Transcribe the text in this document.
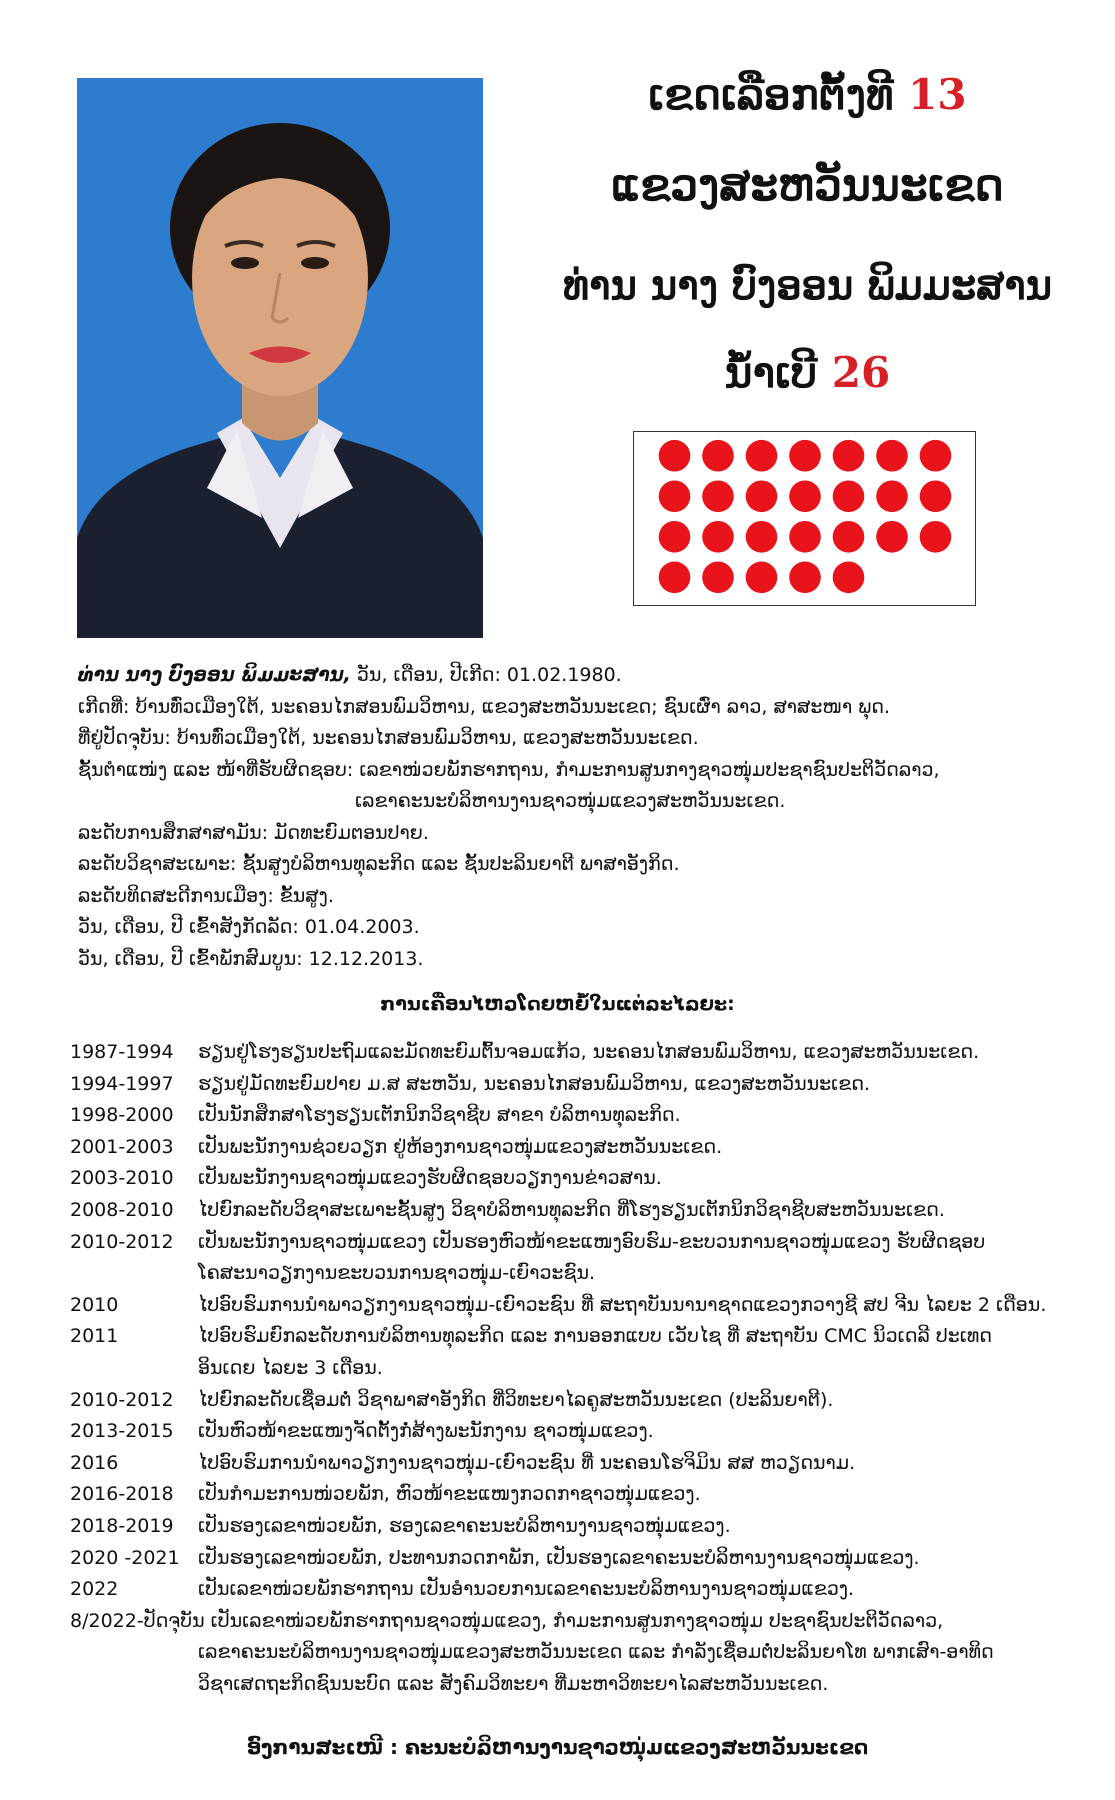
ເຂດເລືອກຕັ້ງທີ 13
ແຂວງສະຫວັນນະເຂດ
ທ່ານ ນາງ ບົງອອນ ພິມມະສານ
ນ້ຳເບີ 26
ທ່ານ ນາງ ບົງອອນ ພິມມະສານ, ວັນ, ເດືອນ, ປີເກີດ: 01.02.1980.
ເກີດທີ່: ບ້ານທົ່ວເມືອງໃຕ້, ນະຄອນໄກສອນພົມວິຫານ, ແຂວງສະຫວັນນະເຂດ; ຊົນເຜົ່າ ລາວ, ສາສະໜາ ພຸດ.
ທີ່ຢູ່ປັດຈຸບັນ: ບ້ານທົ່ວເມືອງໃຕ້, ນະຄອນໄກສອນພົມວິຫານ, ແຂວງສະຫວັນນະເຂດ.
ຊັ້ນຕຳແໜ່ງ ແລະ ໜ້າທີ່ຮັບຜິດຊອບ: ເລຂາໜ່ວຍພັກຮາກຖານ, ກຳມະການສູນກາງຊາວໜຸ່ມປະຊາຊົນປະຕິວັດລາວ,
ເລຂາຄະນະບໍລິຫານງານຊາວໜຸ່ມແຂວງສະຫວັນນະເຂດ.
ລະດັບການສຶກສາສາມັນ: ມັດທະຍົມຕອນປາຍ.
ລະດັບວິຊາສະເພາະ: ຊັ້ນສູງບໍລິຫານທຸລະກິດ ແລະ ຊັ້ນປະລິນຍາຕີ ພາສາອັງກິດ.
ລະດັບທິດສະດີການເມືອງ: ຂັ້ນສູງ.
ວັນ, ເດືອນ, ປີ ເຂົ້າສັງກັດລັດ: 01.04.2003.
ວັນ, ເດືອນ, ປີ ເຂົ້າພັກສົມບູນ: 12.12.2013.
ການເຄື່ອນໄຫວໂດຍຫຍໍ້ໃນແຕ່ລະໄລຍະ:
1987-1994	ຮຽນຢູ່ໂຮງຮຽນປະຖົມແລະມັດທະຍົມຕົ້ນຈອມແກ້ວ, ນະຄອນໄກສອນພົມວິຫານ, ແຂວງສະຫວັນນະເຂດ.
1994-1997	ຮຽນຢູ່ມັດທະຍົມປາຍ ມ.ສ ສະຫວັນ, ນະຄອນໄກສອນພົມວິຫານ, ແຂວງສະຫວັນນະເຂດ.
1998-2000	ເປັນນັກສຶກສາໂຮງຮຽນເຕັກນິກວິຊາຊີບ ສາຂາ ບໍລິຫານທຸລະກິດ.
2001-2003	ເປັນພະນັກງານຊ່ວຍວຽກ ຢູ່ຫ້ອງການຊາວໜຸ່ມແຂວງສະຫວັນນະເຂດ.
2003-2010	ເປັນພະນັກງານຊາວໜຸ່ມແຂວງຮັບຜິດຊອບວຽກງານຂ່າວສານ.
2008-2010	ໄປຍົກລະດັບວິຊາສະເພາະຊັ້ນສູງ ວິຊາບໍລິຫານທຸລະກິດ ທີ່ໂຮງຮຽນເຕັກນິກວິຊາຊີບສະຫວັນນະເຂດ.
2010-2012	ເປັນພະນັກງານຊາວໜຸ່ມແຂວງ ເປັນຮອງຫົວໜ້າຂະແໜງອົບຮົມ-ຂະບວນການຊາວໜຸ່ມແຂວງ ຮັບຜິດຊອບ
ໂຄສະນາວຽກງານຂະບວນການຊາວໜຸ່ມ-ເຍົາວະຊົນ.
2010	ໄປອົບຮົມການນຳພາວຽກງານຊາວໜຸ່ມ-ເຍົາວະຊົນ ທີ່ ສະຖາບັນນານາຊາດແຂວງກວາງຊີ ສປ ຈີນ ໄລຍະ 2 ເດືອນ.
2011	ໄປອົບຮົມຍົກລະດັບການບໍລິຫານທຸລະກິດ ແລະ ການອອກແບບ ເວັບໄຊ ທີ່ ສະຖາບັນ CMC ນິວເດລີ ປະເທດ
ອິນເດຍ ໄລຍະ 3 ເດືອນ.
2010-2012	ໄປຍົກລະດັບເຊື່ອມຕໍ່ ວິຊາພາສາອັງກິດ ທີ່ວິທະຍາໄລຄູສະຫວັນນະເຂດ (ປະລິນຍາຕີ).
2013-2015	ເປັນຫົວໜ້າຂະແໜງຈັດຕັ້ງກໍ່ສ້າງພະນັກງານ ຊາວໜຸ່ມແຂວງ.
2016	ໄປອົບຮົມການນຳພາວຽກງານຊາວໜຸ່ມ-ເຍົາວະຊົນ ທີ່ ນະຄອນໂຮຈິມິນ ສສ ຫວຽດນາມ.
2016-2018	ເປັນກຳມະການໜ່ວຍພັກ, ຫົວໜ້າຂະແໜງກວດກາຊາວໜຸ່ມແຂວງ.
2018-2019	ເປັນຮອງເລຂາໜ່ວຍພັກ, ຮອງເລຂາຄະນະບໍລິຫານງານຊາວໜຸ່ມແຂວງ.
2020 -2021 ເປັນຮອງເລຂາໜ່ວຍພັກ, ປະທານກວດກາພັກ, ເປັນຮອງເລຂາຄະນະບໍລິຫານງານຊາວໜຸ່ມແຂວງ.
2022	ເປັນເລຂາໜ່ວຍພັກຮາກຖານ ເປັນອຳນວຍການເລຂາຄະນະບໍລິຫານງານຊາວໜຸ່ມແຂວງ.
8/2022-ປັດຈຸບັນ ເປັນເລຂາໜ່ວຍພັກຮາກຖານຊາວໜຸ່ມແຂວງ, ກຳມະການສູນກາງຊາວໜຸ່ມ ປະຊາຊົນປະຕິວັດລາວ,
ເລຂາຄະນະບໍລິຫານງານຊາວໜຸ່ມແຂວງສະຫວັນນະເຂດ ແລະ ກຳລັງເຊື່ອມຕໍ່ປະລິນຍາໂທ ພາກເສົາ-ອາທິດ
ວິຊາເສດຖະກິດຊົນນະບົດ ແລະ ສັງຄົມວິທະຍາ ທີ່ມະຫາວິທະຍາໄລສະຫວັນນະເຂດ.
ອົງການສະເໜີ : ຄະນະບໍລິຫານງານຊາວໜຸ່ມແຂວງສະຫວັນນະເຂດ
